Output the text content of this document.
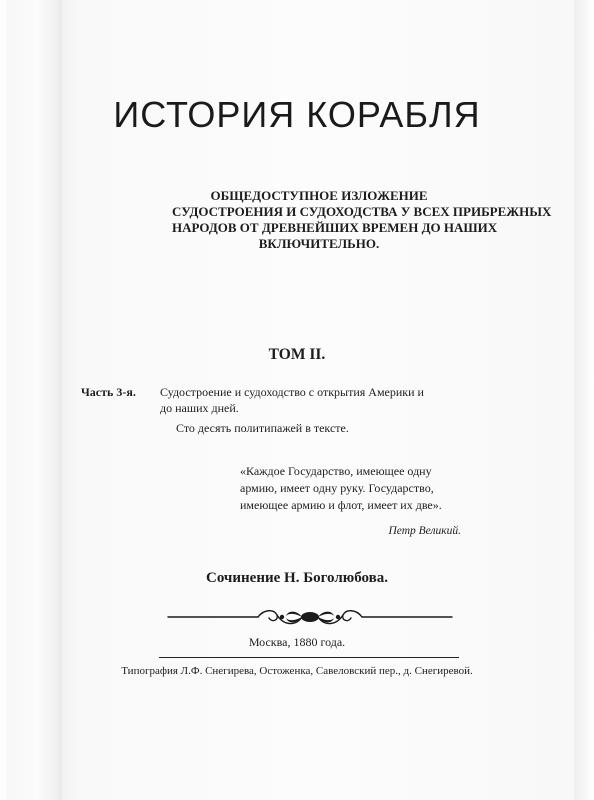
ИСТОРИЯ КОРАБЛЯ
ОБЩЕДОСТУПНОЕ ИЗЛОЖЕНИЕ
СУДОСТРОЕНИЯ И СУДОХОДСТВА У ВСЕХ ПРИБРЕЖНЫХ
НАРОДОВ ОТ ДРЕВНЕЙШИХ ВРЕМЕН ДО НАШИХ
ВКЛЮЧИТЕЛЬНО.
ТОМ II.
Часть 3-я. Судостроение и судоходство с открытия Америки и
до наших дней.
Сто десять политипажей в тексте.
«Каждое Государство, имеющее одну
армию, имеет одну руку. Государство,
имеющее армию и флот, имеет их две».
Петр Великий.
Сочинение Н. Боголюбова.
Москва, 1880 года.
Типография Л.Ф. Снегирева, Остоженка, Савеловский пер., д. Снегиревой.
